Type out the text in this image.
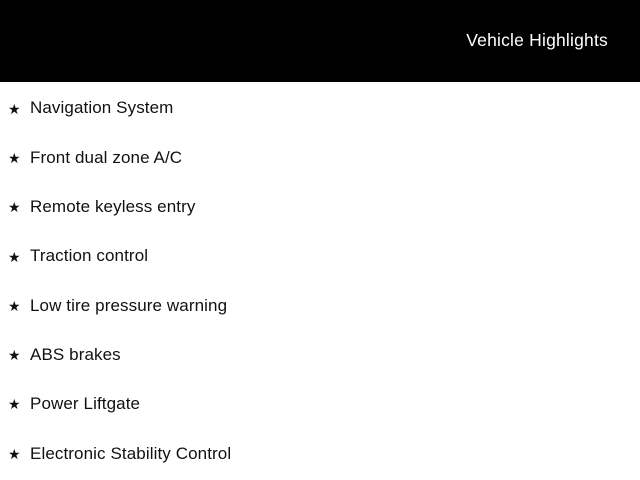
Vehicle Highlights
★ Navigation System
★ Front dual zone A/C
★ Remote keyless entry
★ Traction control
★ Low tire pressure warning
★ ABS brakes
★ Power Liftgate
★ Electronic Stability Control
